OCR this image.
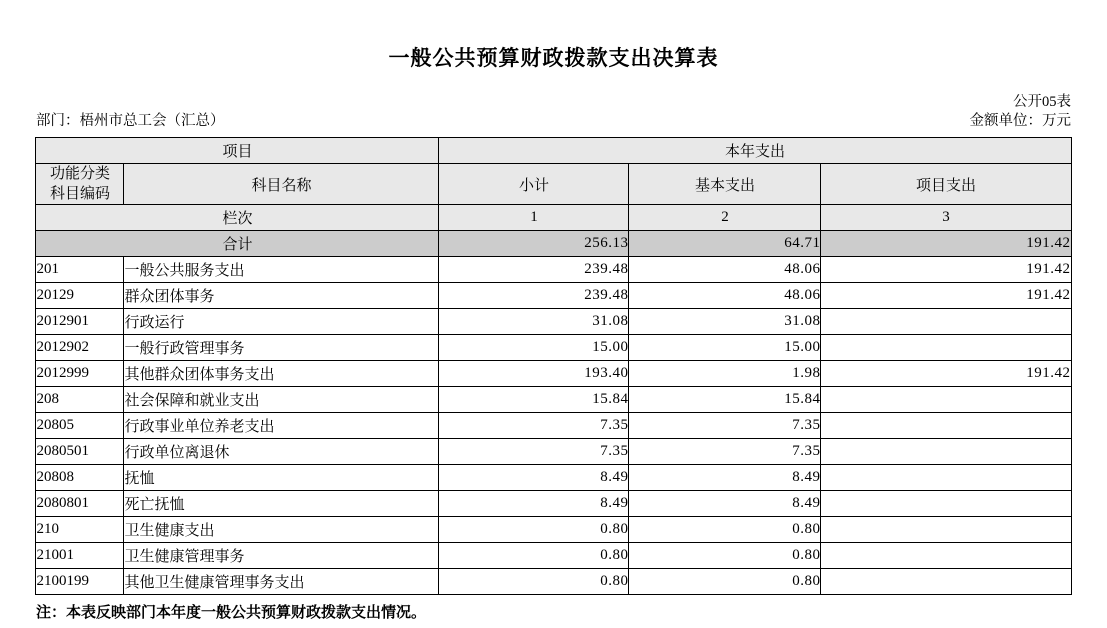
一般公共预算财政拨款支出决算表
公开05表
部门：梧州市总工会（汇总）	金额单位：万元
项目		本年支出		

功能分类
科目编码	科目名称	小计	基本支出	项目支出
栏次		1	2	3
合计		256.13	64.71	191.42
201	一般公共服务支出	239.48	48.06	191.42
20129	群众团体事务	239.48	48.06	191.42
2012901	行政运行	31.08	31.08	
2012902	一般行政管理事务	15.00	15.00	
2012999	其他群众团体事务支出	193.40	1.98	191.42
208	社会保障和就业支出	15.84	15.84	
20805	行政事业单位养老支出	7.35	7.35	
2080501	行政单位离退休	7.35	7.35	
20808	抚恤	8.49	8.49	
2080801	死亡抚恤	8.49	8.49	
210	卫生健康支出	0.80	0.80	
21001	卫生健康管理事务	0.80	0.80	
2100199	其他卫生健康管理事务支出	0.80	0.80	
注：本表反映部门本年度一般公共预算财政拨款支出情况。
